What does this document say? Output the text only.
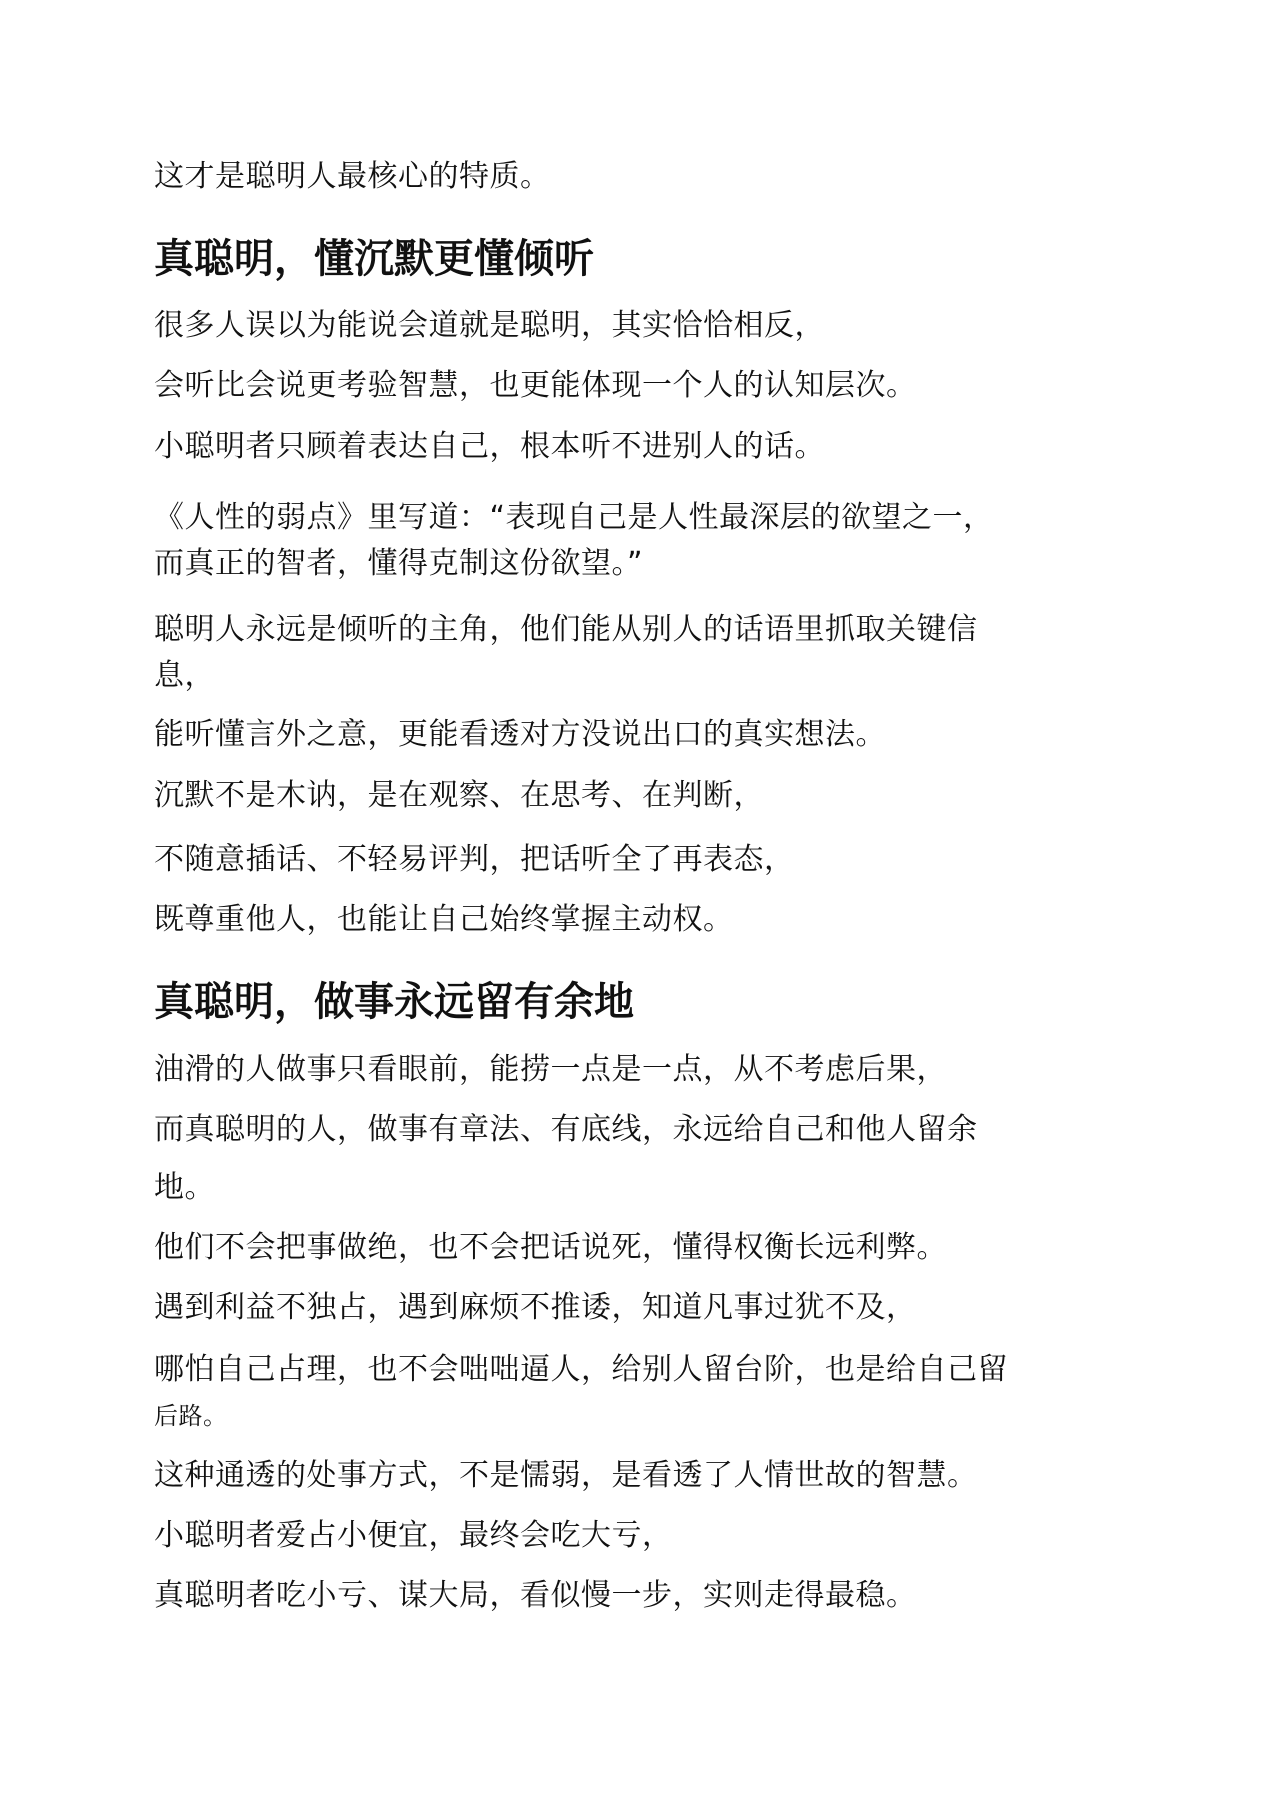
这才是聪明人最核心的特质。

真聪明，懂沉默更懂倾听

很多人误以为能说会道就是聪明，其实恰恰相反，

会听比会说更考验智慧，也更能体现一个人的认知层次。

小聪明者只顾着表达自己，根本听不进别人的话。

《人性的弱点》里写道：“表现自己是人性最深层的欲望之一，

而真正的智者，懂得克制这份欲望。”

聪明人永远是倾听的主角，他们能从别人的话语里抓取关键信

息，

能听懂言外之意，更能看透对方没说出口的真实想法。

沉默不是木讷，是在观察、在思考、在判断，

不随意插话、不轻易评判，把话听全了再表态，

既尊重他人，也能让自己始终掌握主动权。

真聪明，做事永远留有余地

油滑的人做事只看眼前，能捞一点是一点，从不考虑后果，

而真聪明的人，做事有章法、有底线，永远给自己和他人留余

地。

他们不会把事做绝，也不会把话说死，懂得权衡长远利弊。

遇到利益不独占，遇到麻烦不推诿，知道凡事过犹不及，

哪怕自己占理，也不会咄咄逼人，给别人留台阶，也是给自己留

后路。

这种通透的处事方式，不是懦弱，是看透了人情世故的智慧。

小聪明者爱占小便宜，最终会吃大亏，

真聪明者吃小亏、谋大局，看似慢一步，实则走得最稳。
